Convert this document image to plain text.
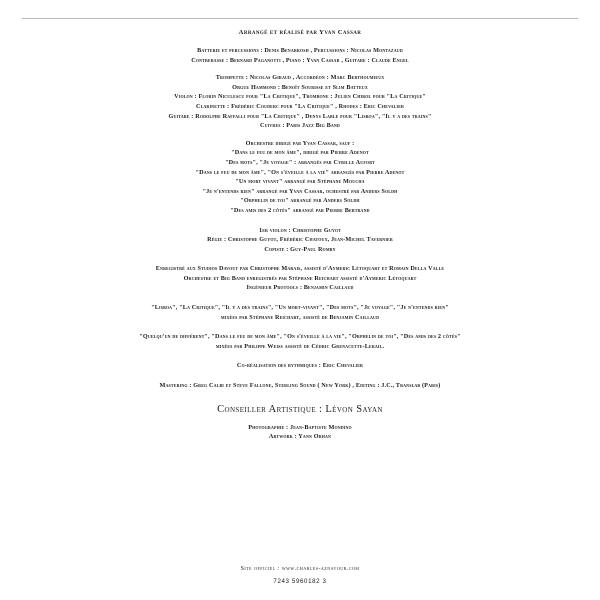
Arrangé et réalisé par Yvan Cassar
Batterie et percussions : Denis Benarrosh , Percussions : Nicolas Montazaud
Contrebasse : Bernard Paganotti , Piano : Yvan Cassar , Guitare : Claude Engel
Trompette : Nicolas Giraud , Accordéon : Marc Berthoumieux
Orgue Hammond : Benoît Sourisse et Slim Batteux
Violon : Florin Niculescu pour "La Critique", Trombone : Julien Chirol pour "La Critique"
Clarinette : Frédéric Couderc pour "La Critique" , Rhodes : Eric Chevalier
Guitare : Rodolphe Raffalli pour "La Critique" , Denys Lable pour "Lisboa", "Il y a des trains"
Cuivres : Paris Jazz Big Band
Orchestre dirigé par Yvan Cassar, sauf :
"Dans le feu de mon âme", dirigé par Pierre Adenot
"Des mots", "Je voyage" : arrangés par Cyrille Aufort
"Dans le feu de mon âme", "On s'éveille à la vie" arrangés par Pierre Adenot
"Un mort vivant" arrangé par Stéphane Moucha
"Je n'entends rien" arrangé par Yvan Cassar, ochestré par Anders Soldh
"Orphelin de toi" arrangé par Anders Soldh
"Des amis des 2 côtés" arrangé par Pierre Bertrand
1er violon : Christophe Guyot
Régie : Christophe Guyot, Frédéric Chatoux, Jean-Michel Tavernier
Copiste : Guy-Paul Romby
Enregistré aux Studios Davout par Christophe Marais, assisté d'Aymeric Létoquart et Romain Della Valle
Orchestre et Big Band enregistrés par Stéphane Reichart assisté d'Aymeric Létoquart
Ingénieur Protools : Benjamin Caillaud
"Lisboa", "La Critique", "Il y a des trains", "Un mort-vivant", "Des mots", "Je voyage", "Je n'entends rien"
mixées par Stéphane Reichart, assisté de Benjamin Caillaud
"Quelqu'un de différent", "Dans le feu de mon âme", "On s'éveille à la vie", "Orphelin de toi", "Des amis des 2 côtés"
mixées par Philippe Weiss assisté de Cédric Grenacette-Lerail.
Co-réalisation des rythmiques : Eric Chevalier
Mastering : Greg Calbi et Steve Fallone, Sterling Sound ( New York) , Editing : J.C., Translab (Paris)
Conseiller Artistique : Lévon Sayan
Photographie : Jean-Baptiste Mondino
Artwork : Yann Orhan
Site officiel : www.charles-aznavour.com
7243 5960182 3
